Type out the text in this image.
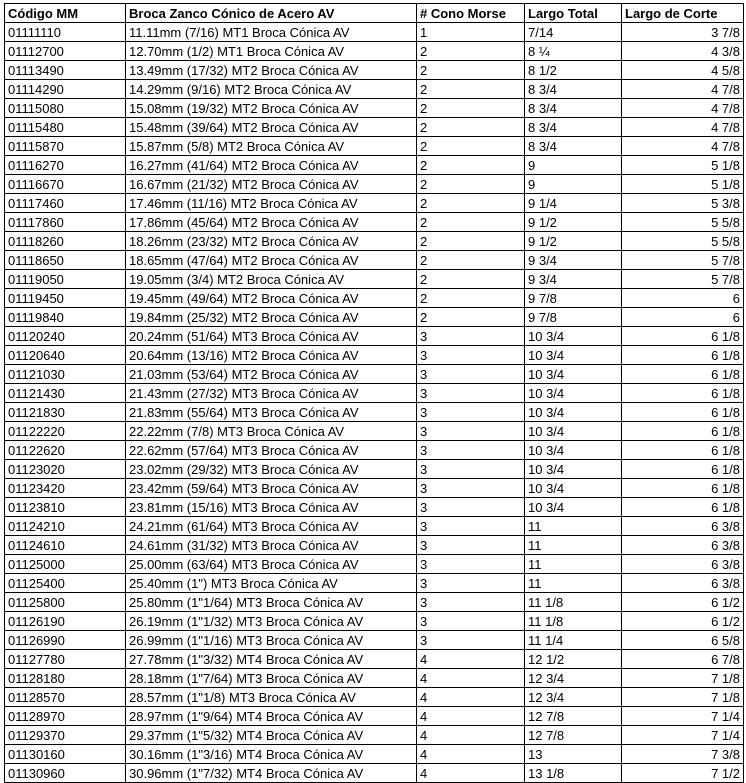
Código MM	Broca Zanco Cónico de Acero AV	# Cono Morse	Largo Total	Largo de Corte
01111110	11.11mm (7/16) MT1 Broca Cónica AV	1	7/14	3 7/8
01112700	12.70mm (1/2) MT1 Broca Cónica AV	2	8 ¼	4 3/8
01113490	13.49mm (17/32) MT2 Broca Cónica AV	2	8 1/2	4 5/8
01114290	14.29mm (9/16) MT2 Broca Cónica AV	2	8 3/4	4 7/8
01115080	15.08mm (19/32) MT2 Broca Cónica AV	2	8 3/4	4 7/8
01115480	15.48mm (39/64) MT2 Broca Cónica AV	2	8 3/4	4 7/8
01115870	15.87mm (5/8) MT2 Broca Cónica AV	2	8 3/4	4 7/8
01116270	16.27mm (41/64) MT2 Broca Cónica AV	2	9	5 1/8
01116670	16.67mm (21/32) MT2 Broca Cónica AV	2	9	5 1/8
01117460	17.46mm (11/16) MT2 Broca Cónica AV	2	9 1/4	5 3/8
01117860	17.86mm (45/64) MT2 Broca Cónica AV	2	9 1/2	5 5/8
01118260	18.26mm (23/32) MT2 Broca Cónica AV	2	9 1/2	5 5/8
01118650	18.65mm (47/64) MT2 Broca Cónica AV	2	9 3/4	5 7/8
01119050	19.05mm (3/4) MT2 Broca Cónica AV	2	9 3/4	5 7/8
01119450	19.45mm (49/64) MT2 Broca Cónica AV	2	9 7/8	6
01119840	19.84mm (25/32) MT2 Broca Cónica AV	2	9 7/8	6
01120240	20.24mm (51/64) MT3 Broca Cónica AV	3	10 3/4	6 1/8
01120640	20.64mm (13/16) MT2 Broca Cónica AV	3	10 3/4	6 1/8
01121030	21.03mm (53/64) MT2 Broca Cónica AV	3	10 3/4	6 1/8
01121430	21.43mm (27/32) MT3 Broca Cónica AV	3	10 3/4	6 1/8
01121830	21.83mm (55/64) MT3 Broca Cónica AV	3	10 3/4	6 1/8
01122220	22.22mm (7/8) MT3 Broca Cónica AV	3	10 3/4	6 1/8
01122620	22.62mm (57/64) MT3 Broca Cónica AV	3	10 3/4	6 1/8
01123020	23.02mm (29/32) MT3 Broca Cónica AV	3	10 3/4	6 1/8
01123420	23.42mm (59/64) MT3 Broca Cónica AV	3	10 3/4	6 1/8
01123810	23.81mm (15/16) MT3 Broca Cónica AV	3	10 3/4	6 1/8
01124210	24.21mm (61/64) MT3 Broca Cónica AV	3	11	6 3/8
01124610	24.61mm (31/32) MT3 Broca Cónica AV	3	11	6 3/8
01125000	25.00mm (63/64) MT3 Broca Cónica AV	3	11	6 3/8
01125400	25.40mm (1") MT3 Broca Cónica AV	3	11	6 3/8
01125800	25.80mm (1"1/64) MT3 Broca Cónica AV	3	11 1/8	6 1/2
01126190	26.19mm (1"1/32) MT3 Broca Cónica AV	3	11 1/8	6 1/2
01126990	26.99mm (1"1/16) MT3 Broca Cónica AV	3	11 1/4	6 5/8
01127780	27.78mm (1"3/32) MT4 Broca Cónica AV	4	12 1/2	6 7/8
01128180	28.18mm (1"7/64) MT3 Broca Cónica AV	4	12 3/4	7 1/8
01128570	28.57mm (1"1/8) MT3 Broca Cónica AV	4	12 3/4	7 1/8
01128970	28.97mm (1"9/64) MT4 Broca Cónica AV	4	12 7/8	7 1/4
01129370	29.37mm (1"5/32) MT4 Broca Cónica AV	4	12 7/8	7 1/4
01130160	30.16mm (1"3/16) MT4 Broca Cónica AV	4	13	7 3/8
01130960	30.96mm (1"7/32) MT4 Broca Cónica AV	4	13 1/8	7 1/2
